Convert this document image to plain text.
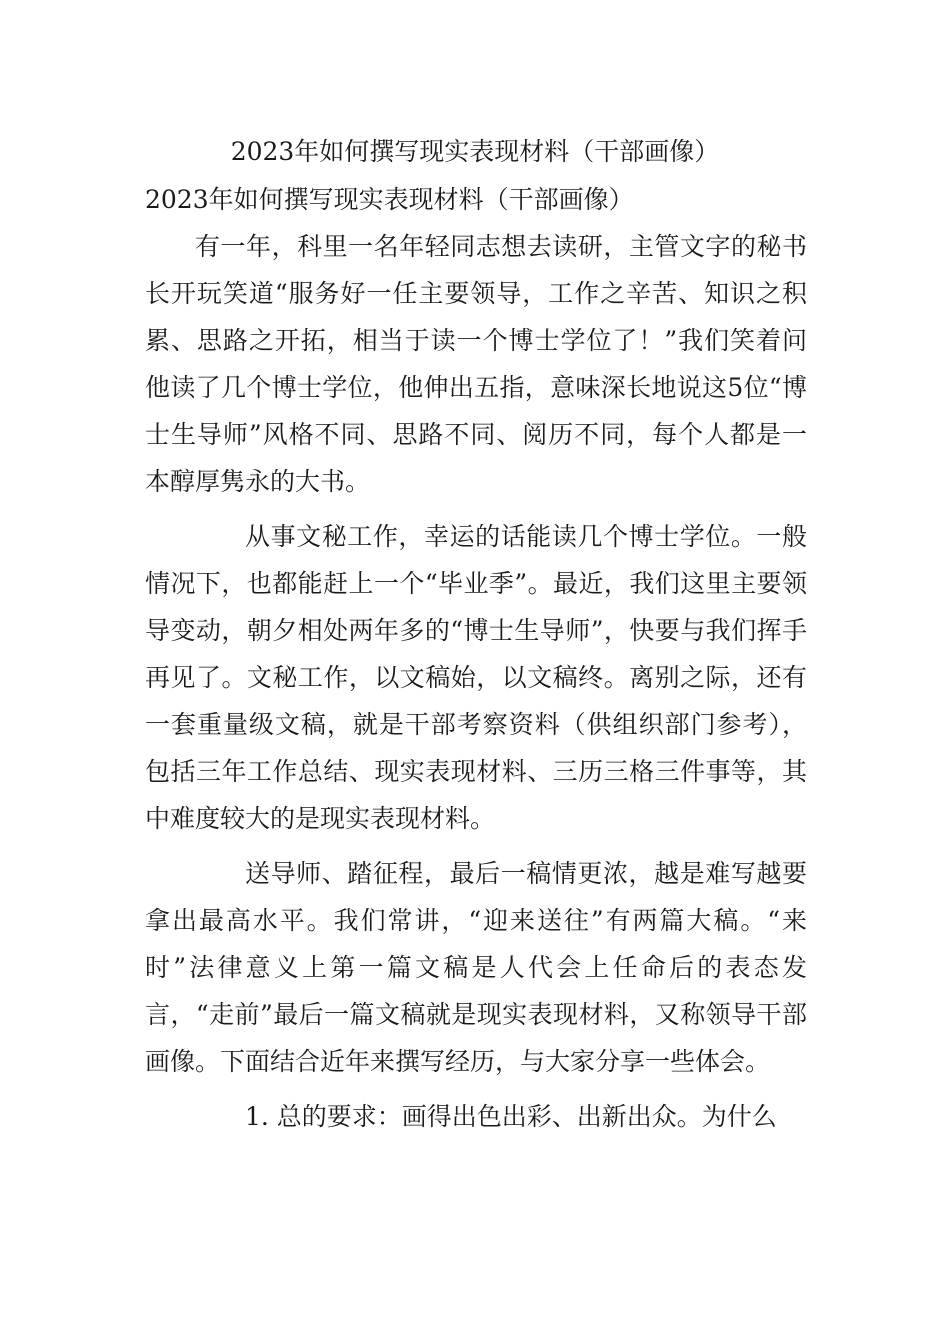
2023年如何撰写现实表现材料（干部画像）

2023年如何撰写现实表现材料（干部画像）

有一年，科里一名年轻同志想去读研，主管文字的秘书长开玩笑道“服务好一任主要领导，工作之辛苦、知识之积累、思路之开拓，相当于读一个博士学位了！”我们笑着问他读了几个博士学位，他伸出五指，意味深长地说这5位“博士生导师”风格不同、思路不同、阅历不同，每个人都是一本醇厚隽永的大书。

从事文秘工作，幸运的话能读几个博士学位。一般情况下，也都能赶上一个“毕业季”。最近，我们这里主要领导变动，朝夕相处两年多的“博士生导师”，快要与我们挥手再见了。文秘工作，以文稿始，以文稿终。离别之际，还有一套重量级文稿，就是干部考察资料（供组织部门参考），包括三年工作总结、现实表现材料、三历三格三件事等，其中难度较大的是现实表现材料。

送导师、踏征程，最后一稿情更浓，越是难写越要拿出最高水平。我们常讲，“迎来送往”有两篇大稿。“来时”法律意义上第一篇文稿是人代会上任命后的表态发言，“走前”最后一篇文稿就是现实表现材料，又称领导干部画像。下面结合近年来撰写经历，与大家分享一些体会。

1. 总的要求：画得出色出彩、出新出众。为什么
